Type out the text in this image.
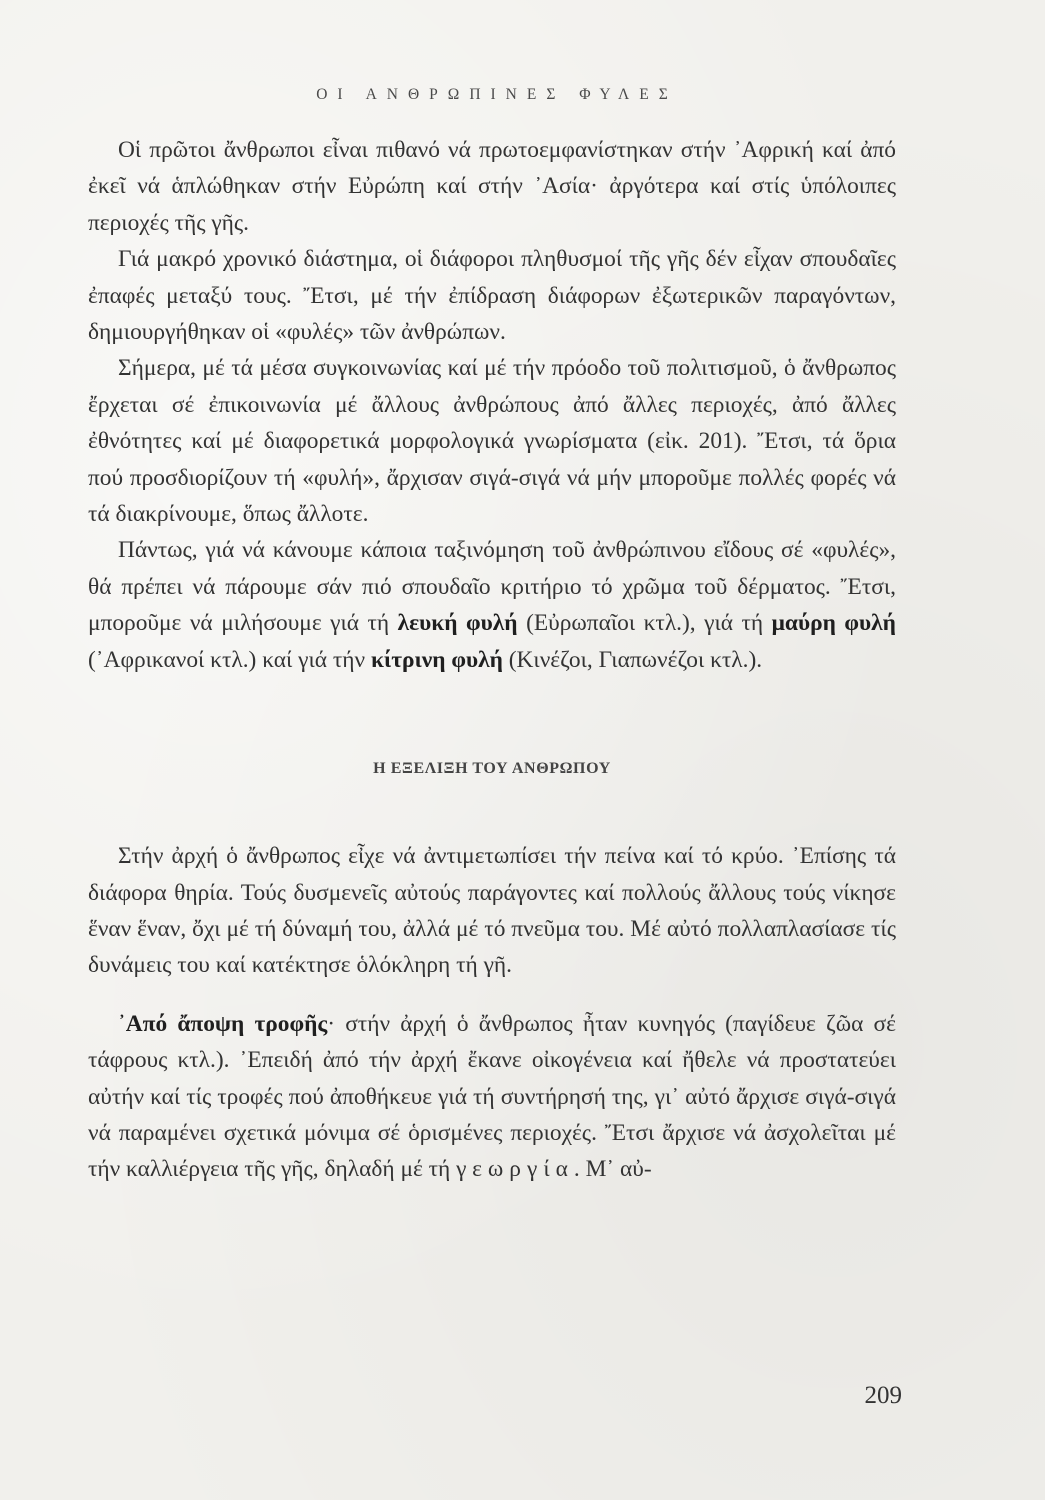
ΟΙ ΑΝΘΡΩΠΙΝΕΣ ΦΥΛΕΣ

Οἱ πρῶτοι ἄνθρωποι εἶναι πιθανό νά πρωτοεμφανίστηκαν στήν ᾿Αφρική καί ἀπό ἐκεῖ νά ἁπλώθηκαν στήν Εὐρώπη καί στήν ᾿Ασία· ἀργότερα καί στίς ὑπόλοιπες περιοχές τῆς γῆς.

Γιά μακρό χρονικό διάστημα, οἱ διάφοροι πληθυσμοί τῆς γῆς δέν εἶχαν σπουδαῖες ἐπαφές μεταξύ τους. Ἔτσι, μέ τήν ἐπίδραση διάφορων ἐξωτερικῶν παραγόντων, δημιουργήθηκαν οἱ «φυλές» τῶν ἀνθρώπων.

Σήμερα, μέ τά μέσα συγκοινωνίας καί μέ τήν πρόοδο τοῦ πολιτισμοῦ, ὁ ἄνθρωπος ἔρχεται σέ ἐπικοινωνία μέ ἄλλους ἀνθρώπους ἀπό ἄλλες περιοχές, ἀπό ἄλλες ἐθνότητες καί μέ διαφορετικά μορφολογικά γνωρίσματα (εἰκ. 201). Ἔτσι, τά ὅρια πού προσδιορίζουν τή «φυλή», ἄρχισαν σιγά-σιγά νά μήν μποροῦμε πολλές φορές νά τά διακρίνουμε, ὅπως ἄλλοτε.

Πάντως, γιά νά κάνουμε κάποια ταξινόμηση τοῦ ἀνθρώπινου εἴδους σέ «φυλές», θά πρέπει νά πάρουμε σάν πιό σπουδαῖο κριτήριο τό χρῶμα τοῦ δέρματος. Ἔτσι, μποροῦμε νά μιλήσουμε γιά τή λευκή φυλή (Εὐρωπαῖοι κτλ.), γιά τή μαύρη φυλή (᾿Αφρικανοί κτλ.) καί γιά τήν κίτρινη φυλή (Κινέζοι, Γιαπωνέζοι κτλ.).

Η ΕΞΕΛΙΞΗ ΤΟΥ ΑΝΘΡΩΠΟΥ

Στήν ἀρχή ὁ ἄνθρωπος εἶχε νά ἀντιμετωπίσει τήν πείνα καί τό κρύο. ᾿Επίσης τά διάφορα θηρία. Τούς δυσμενεῖς αὐτούς παράγοντες καί πολλούς ἄλλους τούς νίκησε ἕναν ἕναν, ὄχι μέ τή δύναμή του, ἀλλά μέ τό πνεῦμα του. Μέ αὐτό πολλαπλασίασε τίς δυνάμεις του καί κατέκτησε ὁλόκληρη τή γῆ.

᾿Από ἄποψη τροφῆς· στήν ἀρχή ὁ ἄνθρωπος ἦταν κυνηγός (παγίδευε ζῶα σέ τάφρους κτλ.). ᾿Επειδή ἀπό τήν ἀρχή ἔκανε οἰκογένεια καί ἤθελε νά προστατεύει αὐτήν καί τίς τροφές πού ἀποθήκευε γιά τή συντήρησή της, γι᾿ αὐτό ἄρχισε σιγά-σιγά νά παραμένει σχετικά μόνιμα σέ ὁρισμένες περιοχές. Ἔτσι ἄρχισε νά ἀσχολεῖται μέ τήν καλλιέργεια τῆς γῆς, δηλαδή μέ τή γεωργία. Μ᾿ αὐ-

209
